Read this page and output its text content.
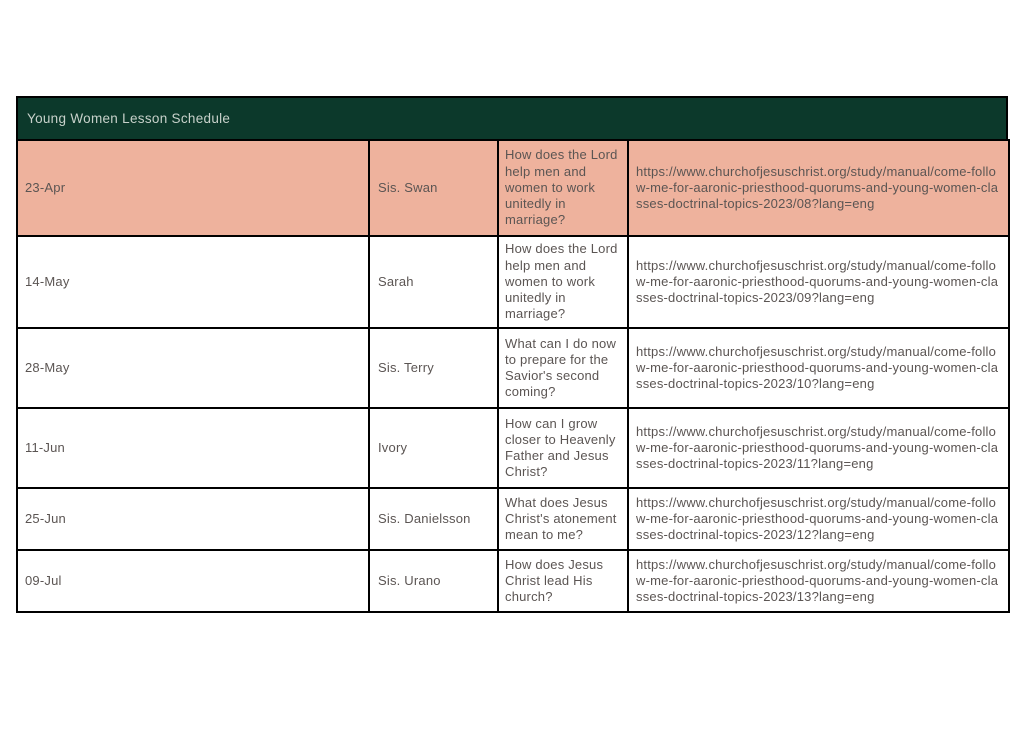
Young Women Lesson Schedule
23-Apr	Sis. Swan	How does the Lord help men and women to work unitedly in marriage?	https://www.churchofjesuschrist.org/study/manual/come-follow-me-for-aaronic-priesthood-quorums-and-young-women-classes-doctrinal-topics-2023/08?lang=eng
14-May	Sarah	How does the Lord help men and women to work unitedly in marriage?	https://www.churchofjesuschrist.org/study/manual/come-follow-me-for-aaronic-priesthood-quorums-and-young-women-classes-doctrinal-topics-2023/09?lang=eng
28-May	Sis. Terry	What can I do now to prepare for the Savior's second coming?	https://www.churchofjesuschrist.org/study/manual/come-follow-me-for-aaronic-priesthood-quorums-and-young-women-classes-doctrinal-topics-2023/10?lang=eng
11-Jun	Ivory	How can I grow closer to Heavenly Father and Jesus Christ?	https://www.churchofjesuschrist.org/study/manual/come-follow-me-for-aaronic-priesthood-quorums-and-young-women-classes-doctrinal-topics-2023/11?lang=eng
25-Jun	Sis. Danielsson	What does Jesus Christ's atonement mean to me?	https://www.churchofjesuschrist.org/study/manual/come-follow-me-for-aaronic-priesthood-quorums-and-young-women-classes-doctrinal-topics-2023/12?lang=eng
09-Jul	Sis. Urano	How does Jesus Christ lead His church?	https://www.churchofjesuschrist.org/study/manual/come-follow-me-for-aaronic-priesthood-quorums-and-young-women-classes-doctrinal-topics-2023/13?lang=eng
